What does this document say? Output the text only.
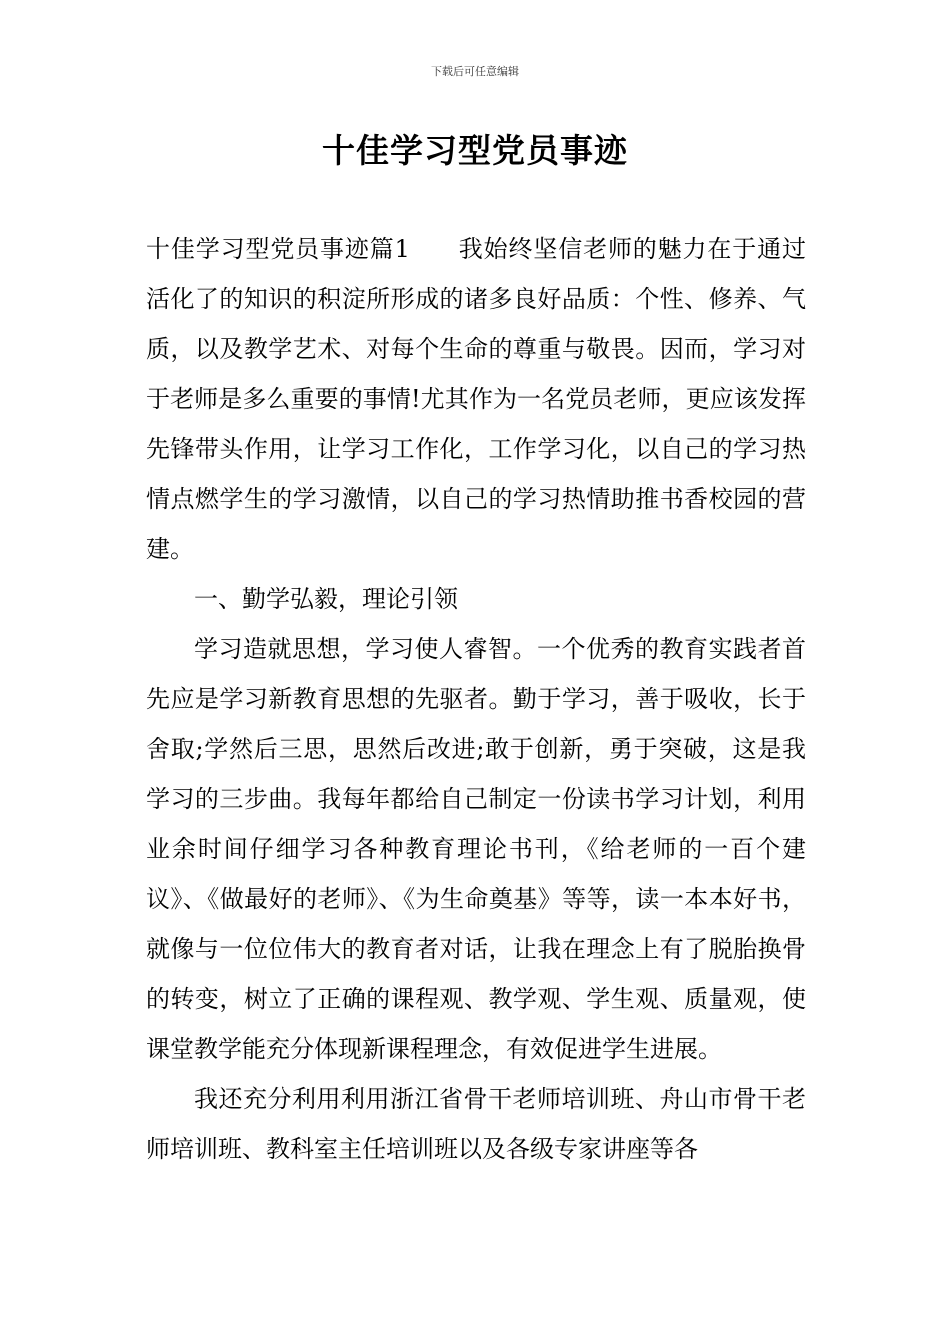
下载后可任意编辑
十佳学习型党员事迹

十佳学习型党员事迹篇1 我始终坚信老师的魅力在于通过活化了的知识的积淀所形成的诸多良好品质：个性、修养、气质，以及教学艺术、对每个生命的尊重与敬畏。因而，学习对于老师是多么重要的事情!尤其作为一名党员老师，更应该发挥先锋带头作用，让学习工作化，工作学习化，以自己的学习热情点燃学生的学习激情，以自己的学习热情助推书香校园的营建。

一、勤学弘毅，理论引领

学习造就思想，学习使人睿智。一个优秀的教育实践者首先应是学习新教育思想的先驱者。勤于学习，善于吸收，长于舍取;学然后三思，思然后改进;敢于创新，勇于突破，这是我学习的三步曲。我每年都给自己制定一份读书学习计划，利用业余时间仔细学习各种教育理论书刊，《给老师的一百个建议》、《做最好的老师》、《为生命奠基》等等，读一本本好书，就像与一位位伟大的教育者对话，让我在理念上有了脱胎换骨的转变，树立了正确的课程观、教学观、学生观、质量观，使课堂教学能充分体现新课程理念，有效促进学生进展。

我还充分利用利用浙江省骨干老师培训班、舟山市骨干老师培训班、教科室主任培训班以及各级专家讲座等各
